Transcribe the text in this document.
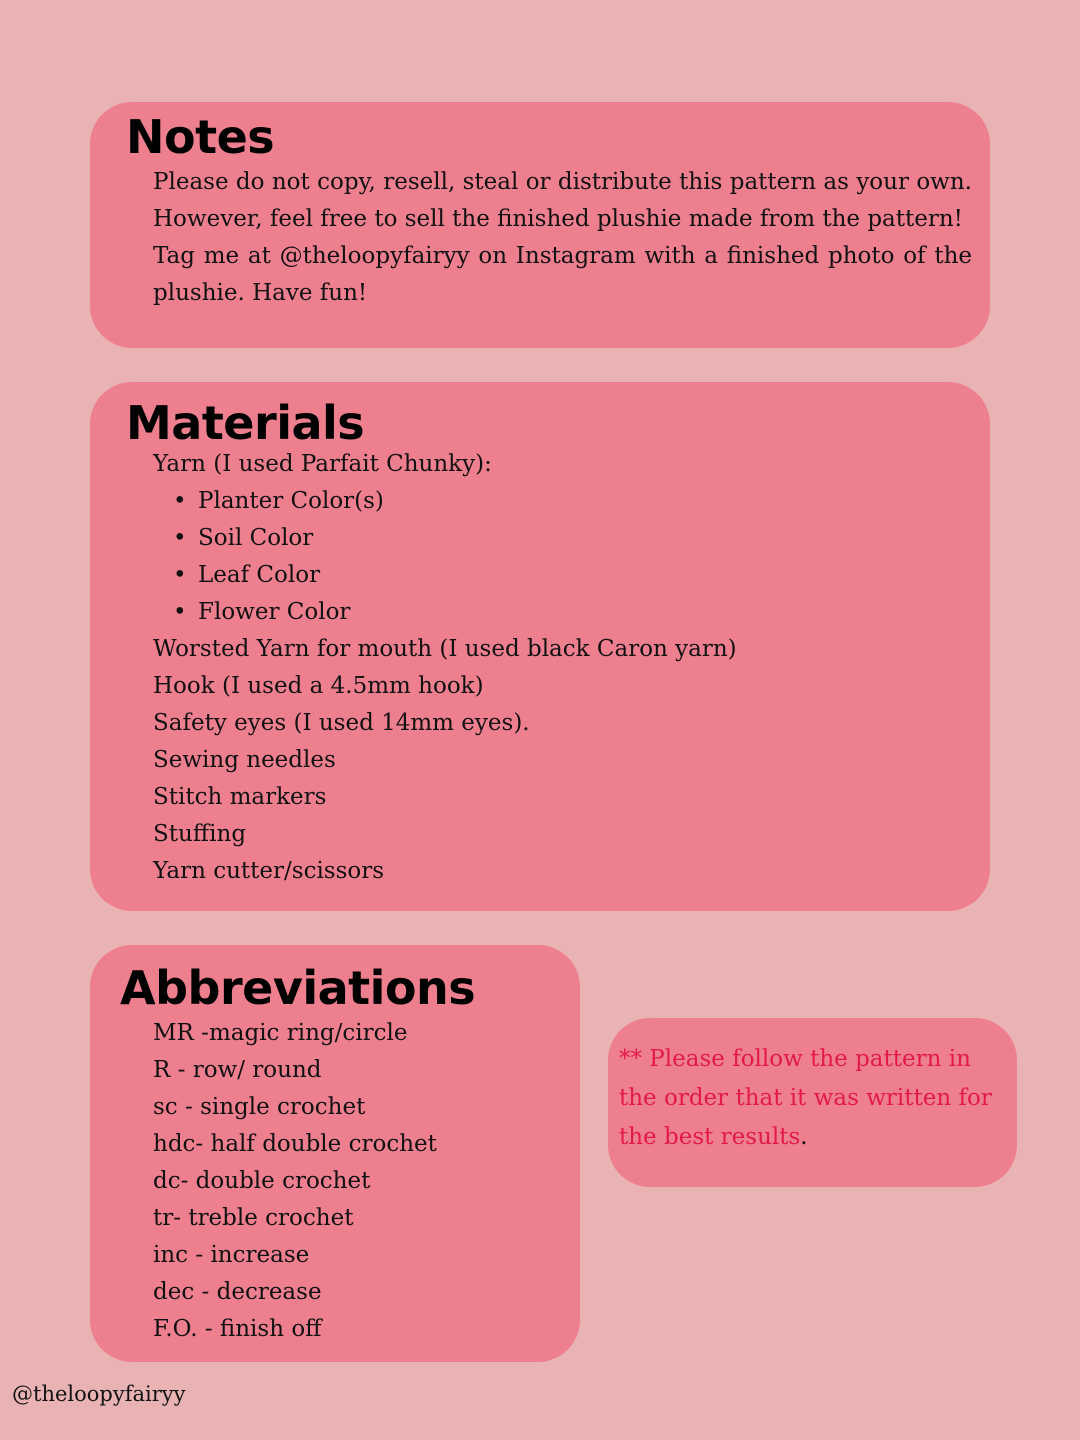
Notes

Please do not copy, resell, steal or distribute this pattern as your own. However, feel free to sell the finished plushie made from the pattern!

Tag me at @theloopyfairyy on Instagram with a finished photo of the plushie. Have fun!

Materials
Yarn (I used Parfait Chunky):
• Planter Color(s)
• Soil Color
• Leaf Color
• Flower Color
Worsted Yarn for mouth (I used black Caron yarn)
Hook (I used a 4.5mm hook)
Safety eyes (I used 14mm eyes).
Sewing needles
Stitch markers
Stuffing
Yarn cutter/scissors
Abbreviations
MR -magic ring/circle
R - row/ round
sc - single crochet
hdc- half double crochet
dc- double crochet
tr- treble crochet
inc - increase
dec - decrease
F.O. - finish off
** Please follow the pattern in the order that it was written for the best results.
@theloopyfairyy
